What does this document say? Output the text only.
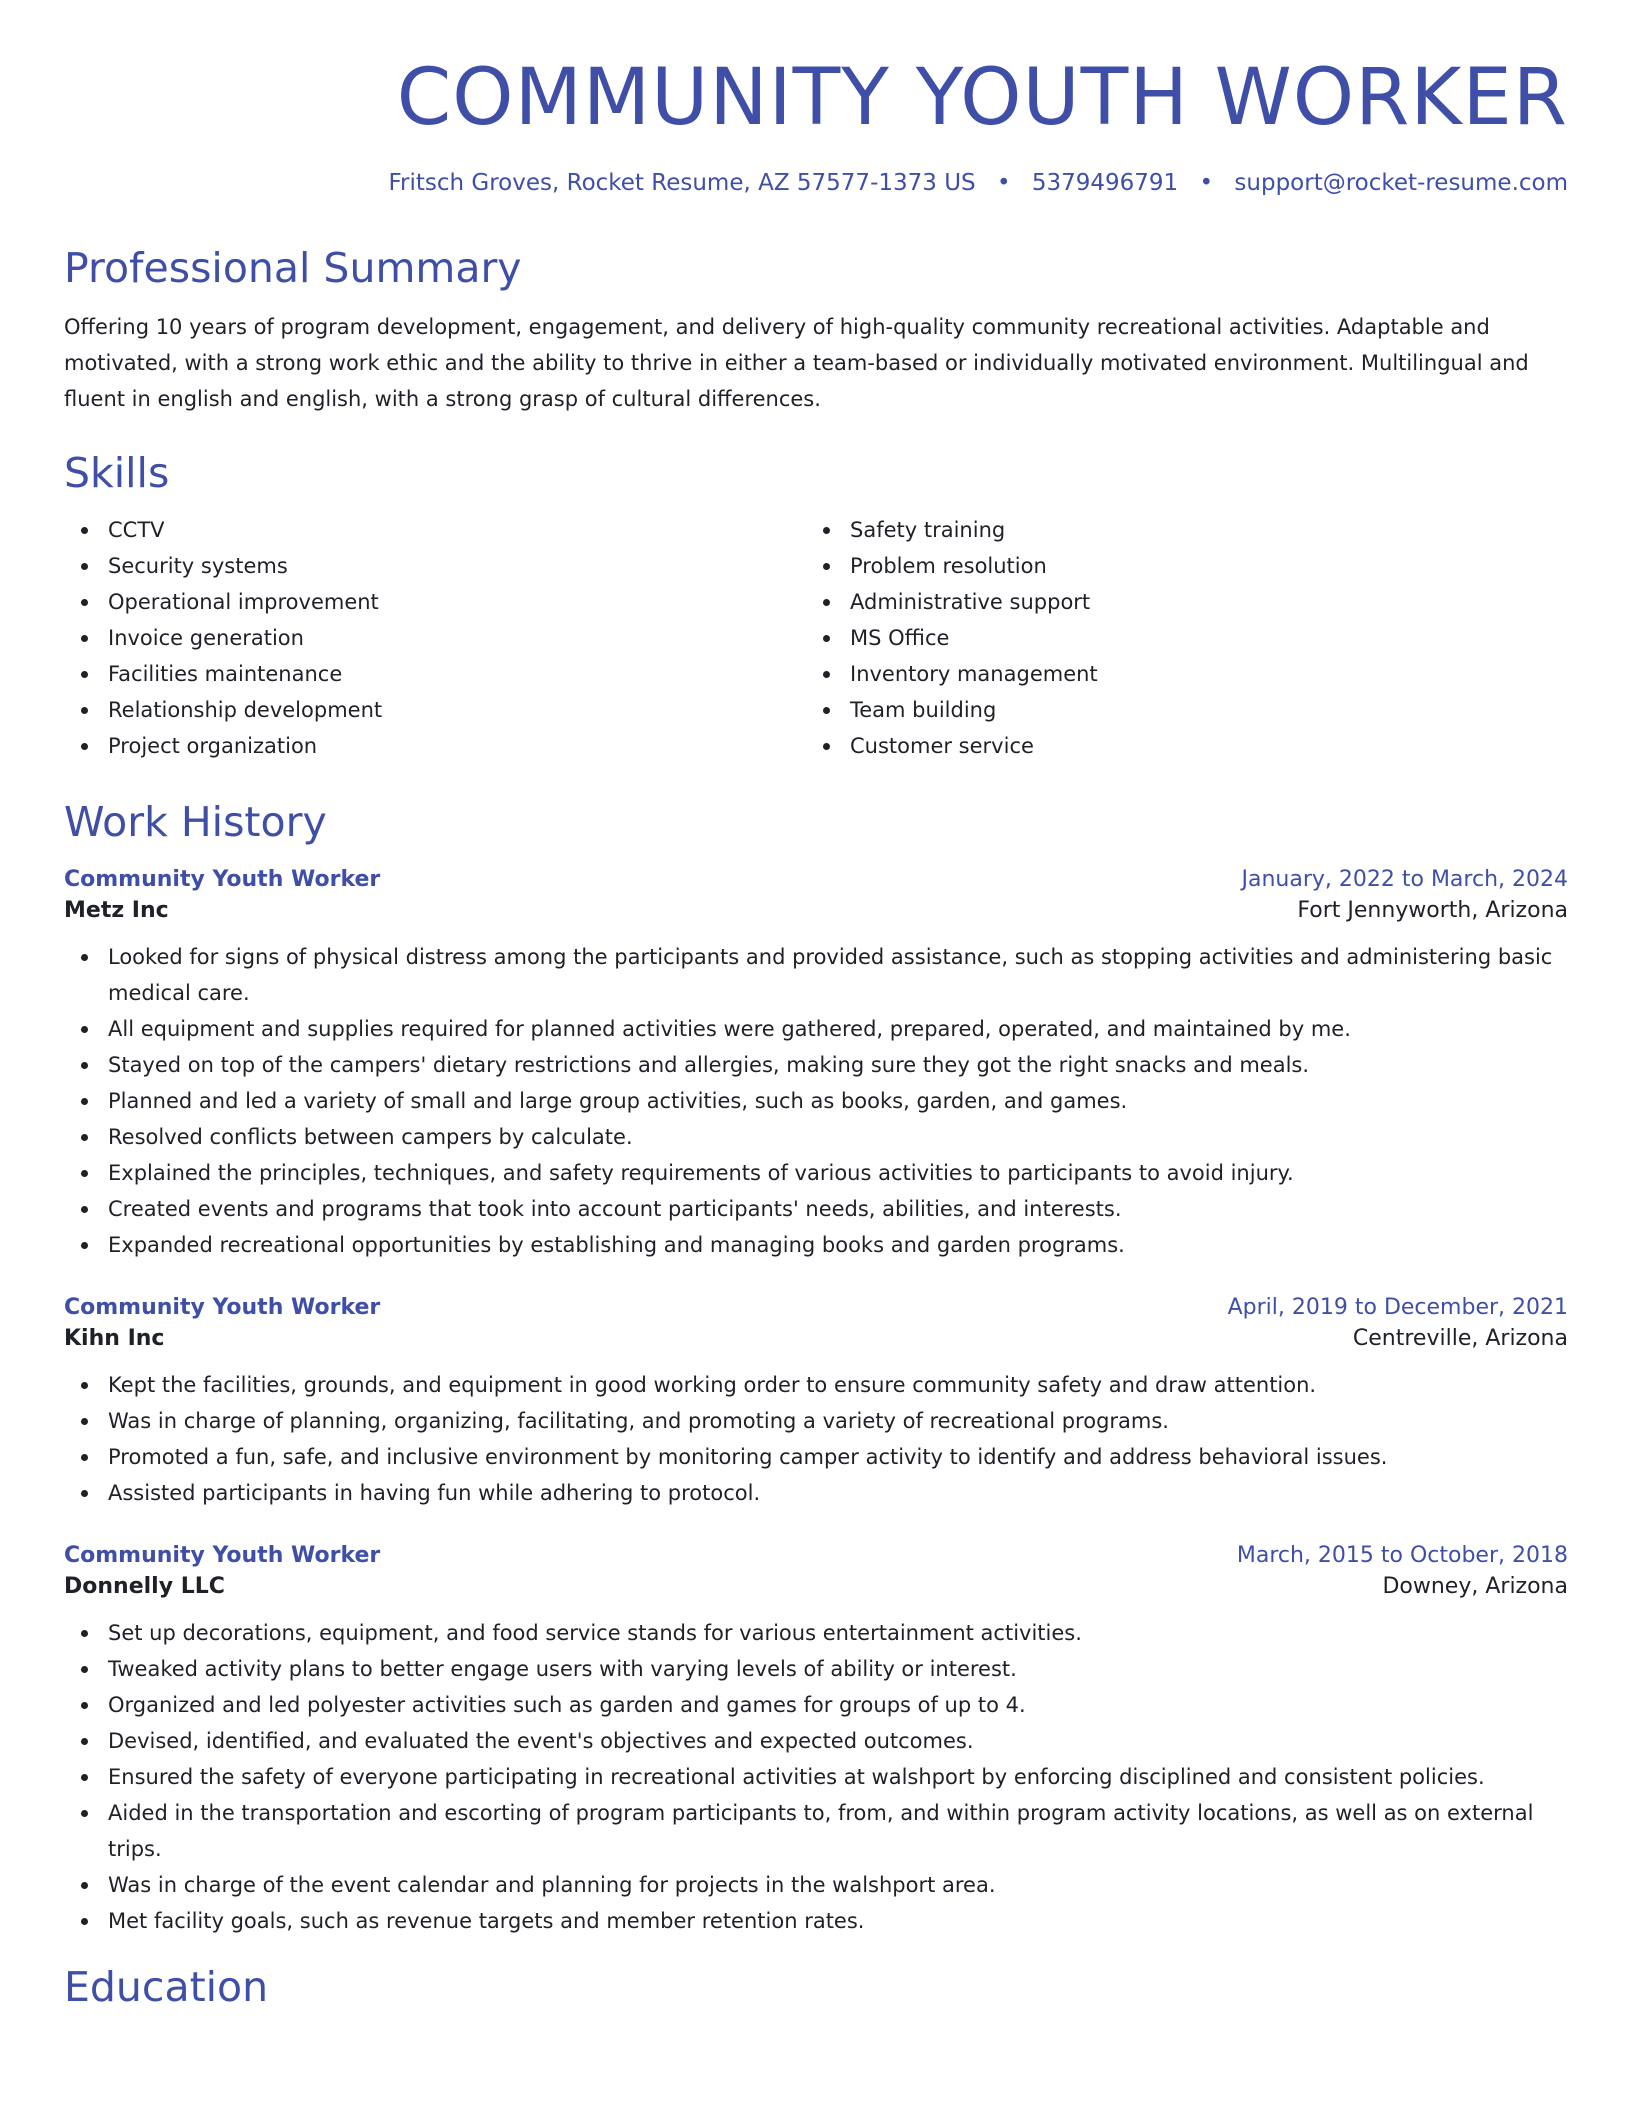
COMMUNITY YOUTH WORKER
Fritsch Groves, Rocket Resume, AZ 57577-1373 US • 5379496791 • support@rocket-resume.com
Professional Summary

Offering 10 years of program development, engagement, and delivery of high-quality community recreational activities. Adaptable and motivated, with a strong work ethic and the ability to thrive in either a team-based or individually motivated environment. Multilingual and fluent in english and english, with a strong grasp of cultural differences.

Skills
CCTV
Security systems
Operational improvement
Invoice generation
Facilities maintenance
Relationship development
Project organization
Safety training
Problem resolution
Administrative support
MS Office
Inventory management
Team building
Customer service
Work History
Community Youth Worker	January, 2022 to March, 2024
Metz Inc	Fort Jennyworth, Arizona
Looked for signs of physical distress among the participants and provided assistance, such as stopping activities and administering basic medical care.
All equipment and supplies required for planned activities were gathered, prepared, operated, and maintained by me.
Stayed on top of the campers' dietary restrictions and allergies, making sure they got the right snacks and meals.
Planned and led a variety of small and large group activities, such as books, garden, and games.
Resolved conflicts between campers by calculate.
Explained the principles, techniques, and safety requirements of various activities to participants to avoid injury.
Created events and programs that took into account participants' needs, abilities, and interests.
Expanded recreational opportunities by establishing and managing books and garden programs.
Community Youth Worker	April, 2019 to December, 2021
Kihn Inc	Centreville, Arizona
Kept the facilities, grounds, and equipment in good working order to ensure community safety and draw attention.
Was in charge of planning, organizing, facilitating, and promoting a variety of recreational programs.
Promoted a fun, safe, and inclusive environment by monitoring camper activity to identify and address behavioral issues.
Assisted participants in having fun while adhering to protocol.
Community Youth Worker	March, 2015 to October, 2018
Donnelly LLC	Downey, Arizona
Set up decorations, equipment, and food service stands for various entertainment activities.
Tweaked activity plans to better engage users with varying levels of ability or interest.
Organized and led polyester activities such as garden and games for groups of up to 4.
Devised, identified, and evaluated the event's objectives and expected outcomes.
Ensured the safety of everyone participating in recreational activities at walshport by enforcing disciplined and consistent policies.
Aided in the transportation and escorting of program participants to, from, and within program activity locations, as well as on external trips.
Was in charge of the event calendar and planning for projects in the walshport area.
Met facility goals, such as revenue targets and member retention rates.
Education
